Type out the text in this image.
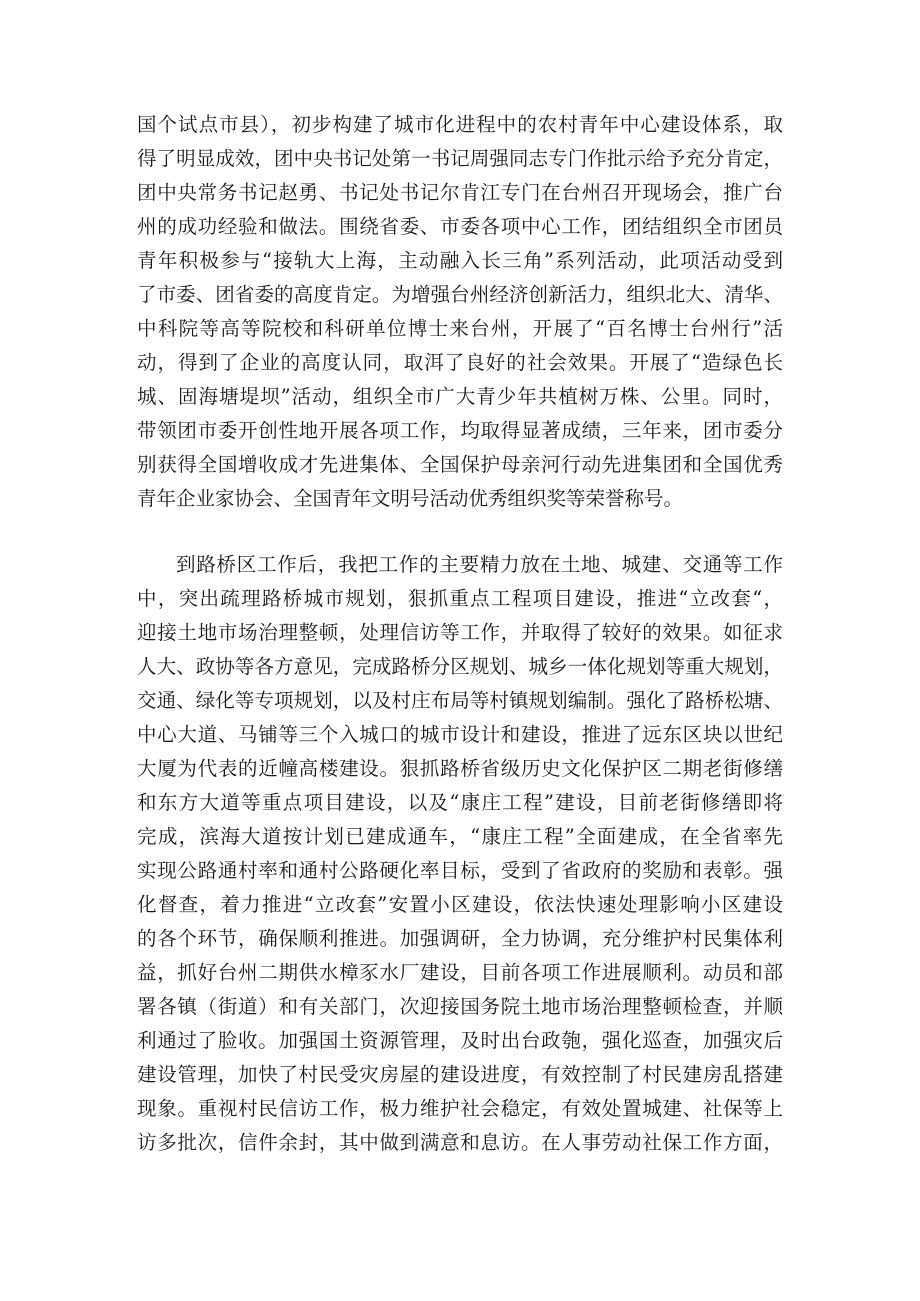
国个试点市县），初步构建了城市化进程中的农村青年中心建设体系，取
得了明显成效，团中央书记处第一书记周强同志专门作批示给予充分肯定，
团中央常务书记赵勇、书记处书记尔肯江专门在台州召开现场会，推广台
州的成功经验和做法。围绕省委、市委各项中心工作，团结组织全市团员
青年积极参与“接轨大上海，主动融入长三角”系列活动，此项活动受到
了市委、团省委的高度肯定。为增强台州经济创新活力，组织北大、清华、
中科院等高等院校和科研单位博士来台州，开展了“百名博士台州行”活
动，得到了企业的高度认同，取洱了良好的社会效果。开展了“造绿色长
城、固海塘堤坝”活动，组织全市广大青少年共植树万株、公里。同时，
带领团市委开创性地开展各项工作，均取得显著成绩，三年来，团市委分
别获得全国增收成才先进集体、全国保护母亲河行动先进集团和全国优秀
青年企业家协会、全国青年文明号活动优秀组织奖等荣誉称号。
到路桥区工作后，我把工作的主要精力放在土地、城建、交通等工作
中，突出疏理路桥城市规划，狠抓重点工程项目建设，推进“立改套“，
迎接土地市场治理整顿，处理信访等工作，并取得了较好的效果。如征求
人大、政协等各方意见，完成路桥分区规划、城乡一体化规划等重大规划，
交通、绿化等专项规划，以及村庄布局等村镇规划编制。强化了路桥松塘、
中心大道、马铺等三个入城口的城市设计和建设，推进了远东区块以世纪
大厦为代表的近幢高楼建设。狠抓路桥省级历史文化保护区二期老街修缮
和东方大道等重点项目建设，以及“康庄工程”建设，目前老街修缮即将
完成，滨海大道按计划已建成通车，“康庄工程”全面建成，在全省率先
实现公路通村率和通村公路硬化率目标，受到了省政府的奖励和表彰。强
化督查，着力推进“立改套”安置小区建设，依法快速处理影响小区建设
的各个环节，确保顺利推进。加强调研，全力协调，充分维护村民集体利
益，抓好台州二期供水樟豕水厂建设，目前各项工作进展顺利。动员和部
署各镇（街道）和有关部门，次迎接国务院土地市场治理整顿检查，并顺
利通过了脸收。加强国土资源管理，及时出台政匏，强化巡查，加强灾后
建设管理，加快了村民受灾房屋的建设进度，有效控制了村民建房乱搭建
现象。重视村民信访工作，极力维护社会稳定，有效处置城建、社保等上
访多批次，信件余封，其中做到满意和息访。在人事劳动社保工作方面，
